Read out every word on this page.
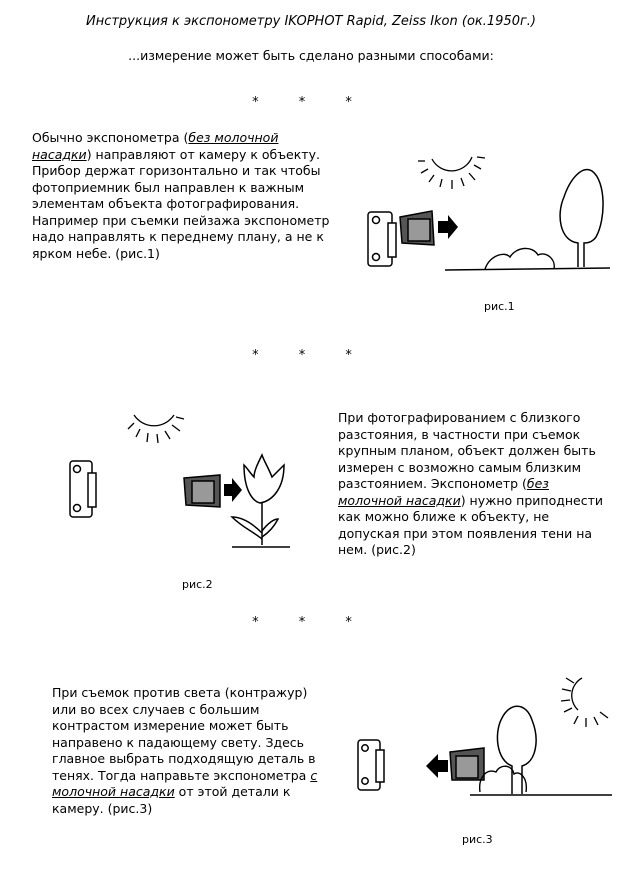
Инструкция к экспонометру IKOPHOT Rapid, Zeiss Ikon (ок.1950г.)
...измерение может быть сделано разными способами:
* * *
Обычно экспонометра (без молочной насадки) направляют от камеру к объекту. Прибор держат горизонтально и так чтобы фотоприемник был направлен к важным элементам объекта фотографирования. Например при съемки пейзажа экспонометр надо направлять к переднему плану, а не к ярком небе. (рис.1)
рис.1
* * *
рис.2
При фотографированием с близкого разстояния, в частности при съемок крупным планом, объект должен быть измерен с возможно самым близким разстоянием. Экспонометр (без молочной насадки) нужно приподнести как можно ближе к объекту, не допуская при этом появления тени на нем. (рис.2)
* * *
При съемок против света (контражур) или во всех случаев с большим контрастом измерение может быть направено к падающему свету. Здесь главное выбрать подходящую деталь в тенях. Тогда направьте экспонометра с молочной насадки от этой детали к камеру. (рис.3)
рис.3
